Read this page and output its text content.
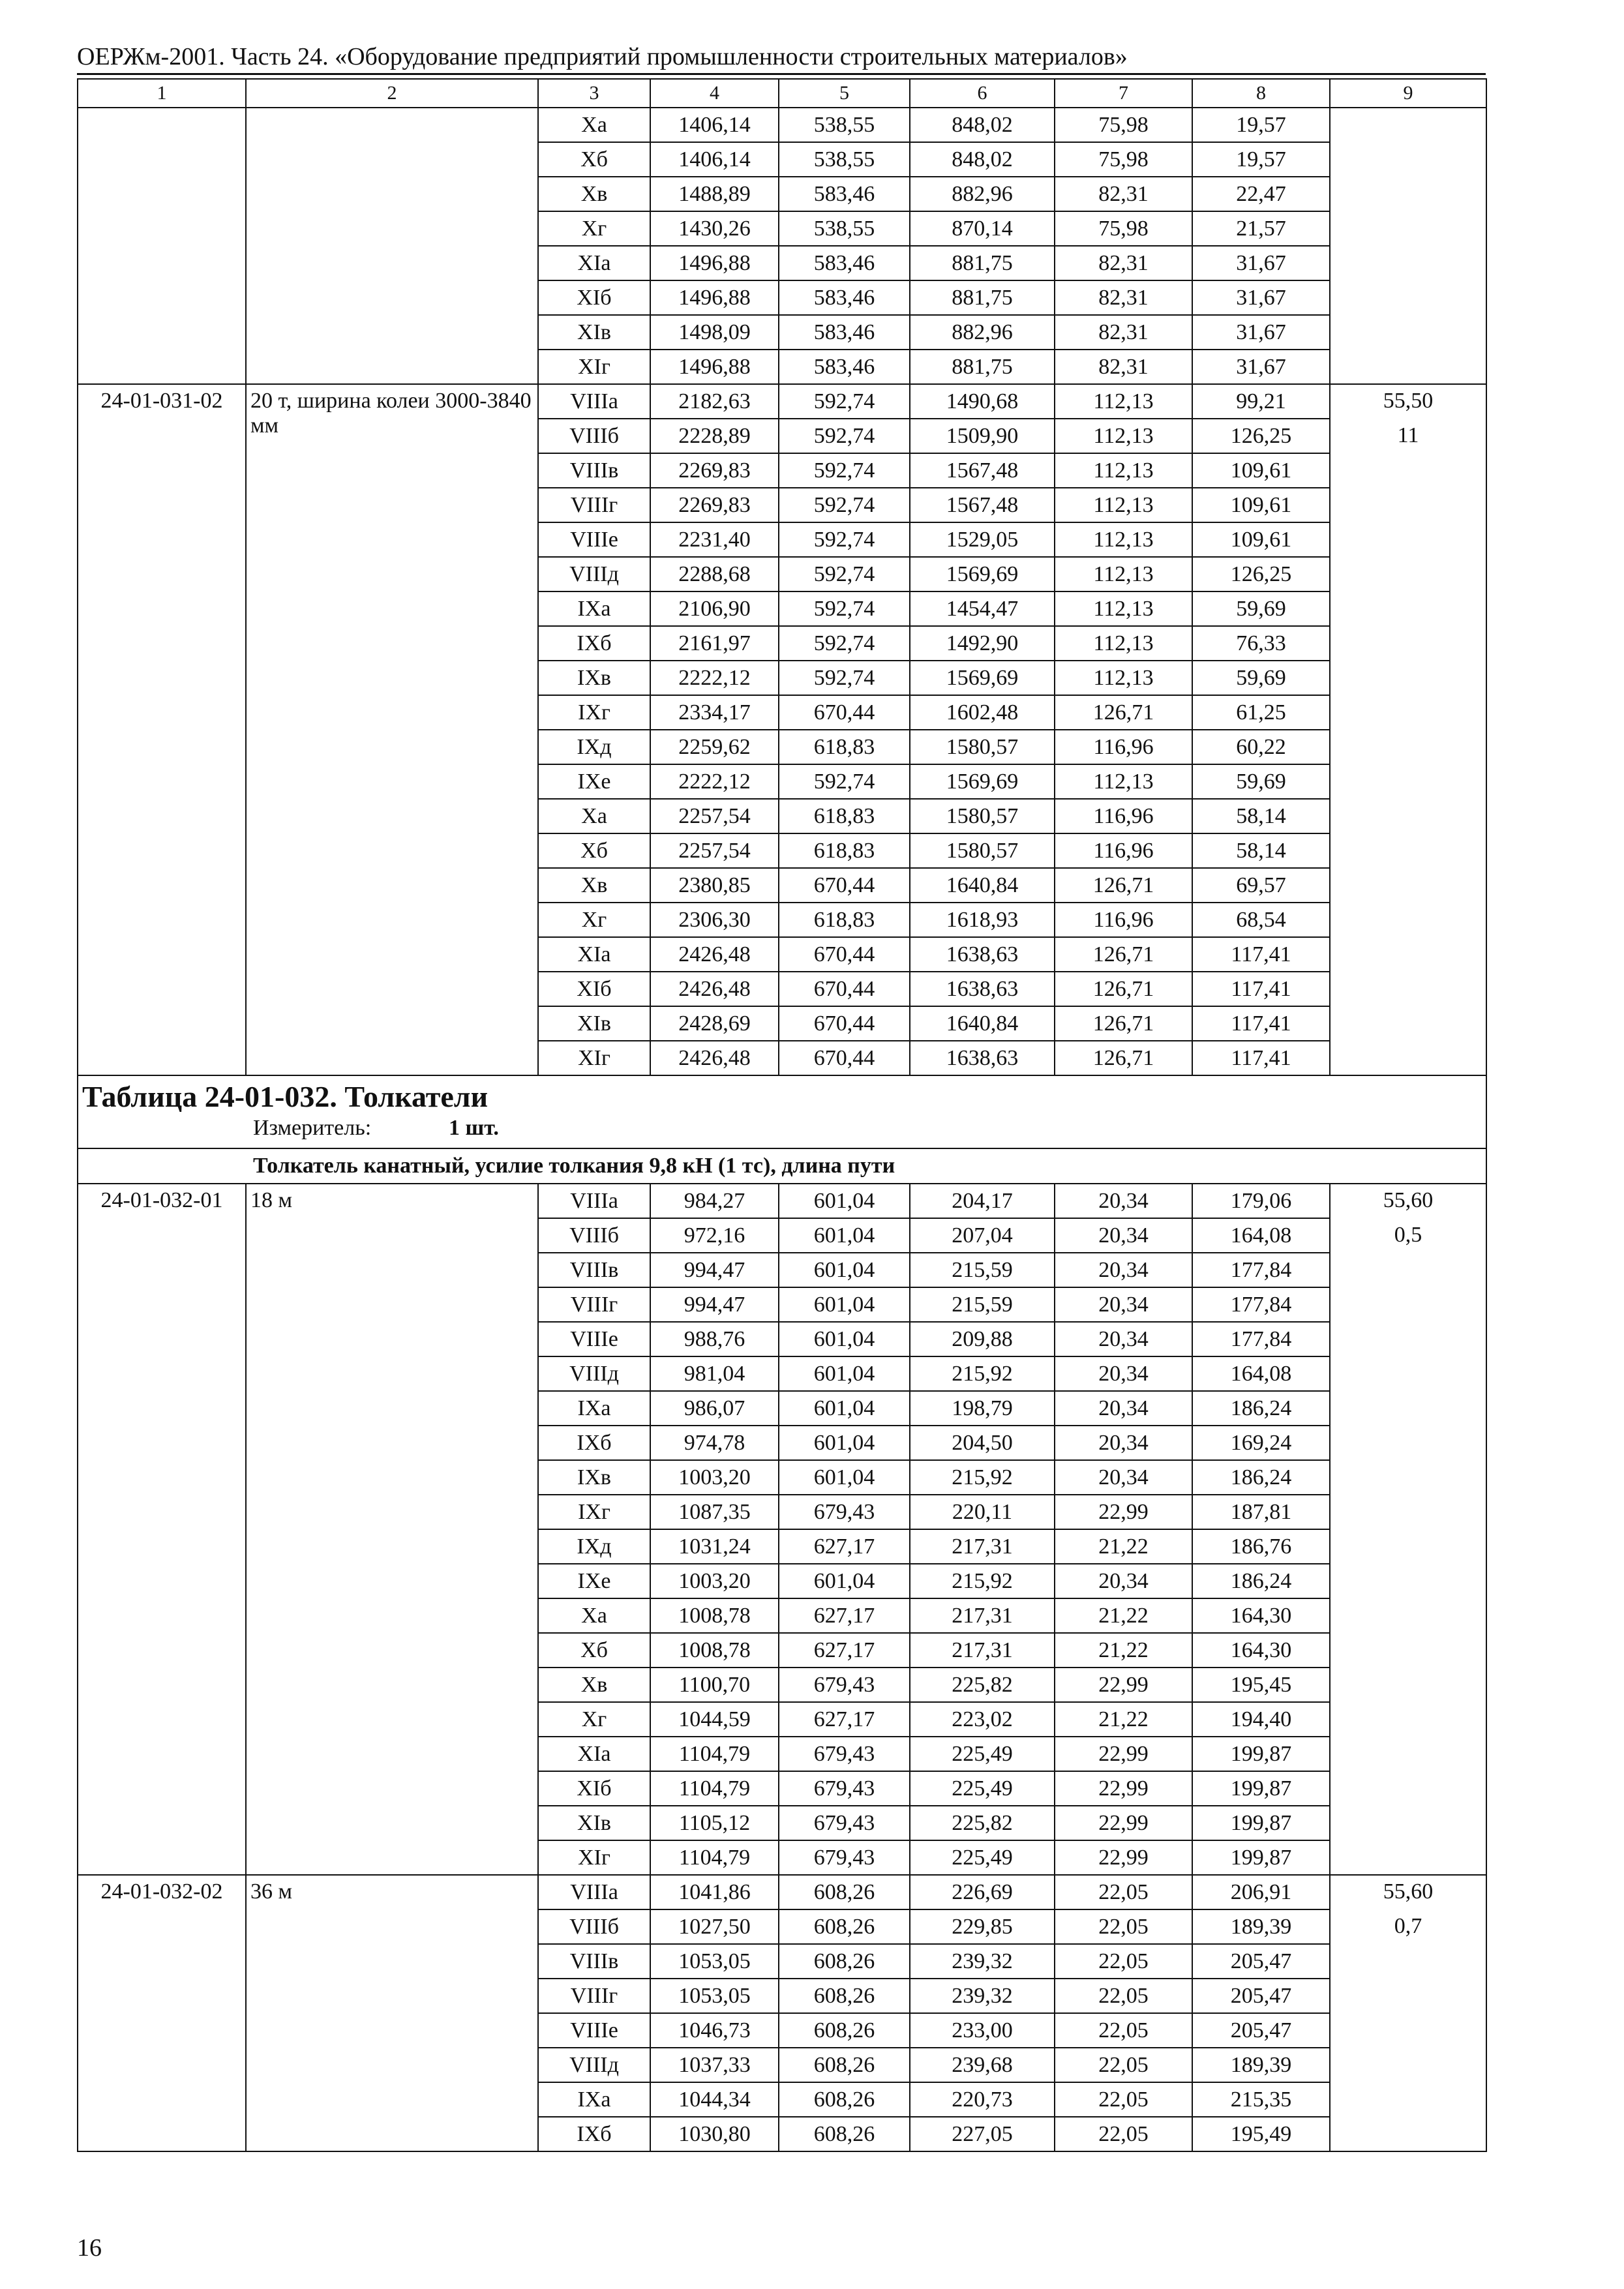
ОЕРЖм-2001. Часть 24. «Оборудование предприятий промышленности строительных материалов»
1	2	3	4	5	6	7	8	9
		Xa	1406,14	538,55	848,02	75,98	19,57	
		Xб	1406,14	538,55	848,02	75,98	19,57	
		Xв	1488,89	583,46	882,96	82,31	22,47	
		Xг	1430,26	538,55	870,14	75,98	21,57	
		XIa	1496,88	583,46	881,75	82,31	31,67	
		XIб	1496,88	583,46	881,75	82,31	31,67	
		XIв	1498,09	583,46	882,96	82,31	31,67	
		XIг	1496,88	583,46	881,75	82,31	31,67	
24-01-031-02	20 т, ширина колеи 3000-3840 мм	VIIIa	2182,63	592,74	1490,68	112,13	99,21	55,50
11

		VIIIб	2228,89	592,74	1509,90	112,13	126,25	
		VIIIв	2269,83	592,74	1567,48	112,13	109,61	
		VIIIг	2269,83	592,74	1567,48	112,13	109,61	
		VIIIe	2231,40	592,74	1529,05	112,13	109,61	
		VIIIд	2288,68	592,74	1569,69	112,13	126,25	
		IXa	2106,90	592,74	1454,47	112,13	59,69	
		IXб	2161,97	592,74	1492,90	112,13	76,33	
		IXв	2222,12	592,74	1569,69	112,13	59,69	
		IXг	2334,17	670,44	1602,48	126,71	61,25	
		IXд	2259,62	618,83	1580,57	116,96	60,22	
		IXe	2222,12	592,74	1569,69	112,13	59,69	
		Xa	2257,54	618,83	1580,57	116,96	58,14	
		Xб	2257,54	618,83	1580,57	116,96	58,14	
		Xв	2380,85	670,44	1640,84	126,71	69,57	
		Xг	2306,30	618,83	1618,93	116,96	68,54	
		XIa	2426,48	670,44	1638,63	126,71	117,41	
		XIб	2426,48	670,44	1638,63	126,71	117,41	
		XIв	2428,69	670,44	1640,84	126,71	117,41	
		XIг	2426,48	670,44	1638,63	126,71	117,41	
Таблица 24-01-032. Толкатели								
Измеритель: 1 шт.								
Толкатель канатный, усилие толкания 9,8 кН (1 тс), длина пути								
24-01-032-01	18 м	VIIIa	984,27	601,04	204,17	20,34	179,06	55,60
0,5

		VIIIб	972,16	601,04	207,04	20,34	164,08	
		VIIIв	994,47	601,04	215,59	20,34	177,84	
		VIIIг	994,47	601,04	215,59	20,34	177,84	
		VIIIe	988,76	601,04	209,88	20,34	177,84	
		VIIIд	981,04	601,04	215,92	20,34	164,08	
		IXa	986,07	601,04	198,79	20,34	186,24	
		IXб	974,78	601,04	204,50	20,34	169,24	
		IXв	1003,20	601,04	215,92	20,34	186,24	
		IXг	1087,35	679,43	220,11	22,99	187,81	
		IXд	1031,24	627,17	217,31	21,22	186,76	
		IXe	1003,20	601,04	215,92	20,34	186,24	
		Xa	1008,78	627,17	217,31	21,22	164,30	
		Xб	1008,78	627,17	217,31	21,22	164,30	
		Xв	1100,70	679,43	225,82	22,99	195,45	
		Xг	1044,59	627,17	223,02	21,22	194,40	
		XIa	1104,79	679,43	225,49	22,99	199,87	
		XIб	1104,79	679,43	225,49	22,99	199,87	
		XIв	1105,12	679,43	225,82	22,99	199,87	
		XIг	1104,79	679,43	225,49	22,99	199,87	
24-01-032-02	36 м	VIIIa	1041,86	608,26	226,69	22,05	206,91	55,60
0,7

		VIIIб	1027,50	608,26	229,85	22,05	189,39	
		VIIIв	1053,05	608,26	239,32	22,05	205,47	
		VIIIг	1053,05	608,26	239,32	22,05	205,47	
		VIIIe	1046,73	608,26	233,00	22,05	205,47	
		VIIIд	1037,33	608,26	239,68	22,05	189,39	
		IXa	1044,34	608,26	220,73	22,05	215,35	
		IXб	1030,80	608,26	227,05	22,05	195,49	
16
